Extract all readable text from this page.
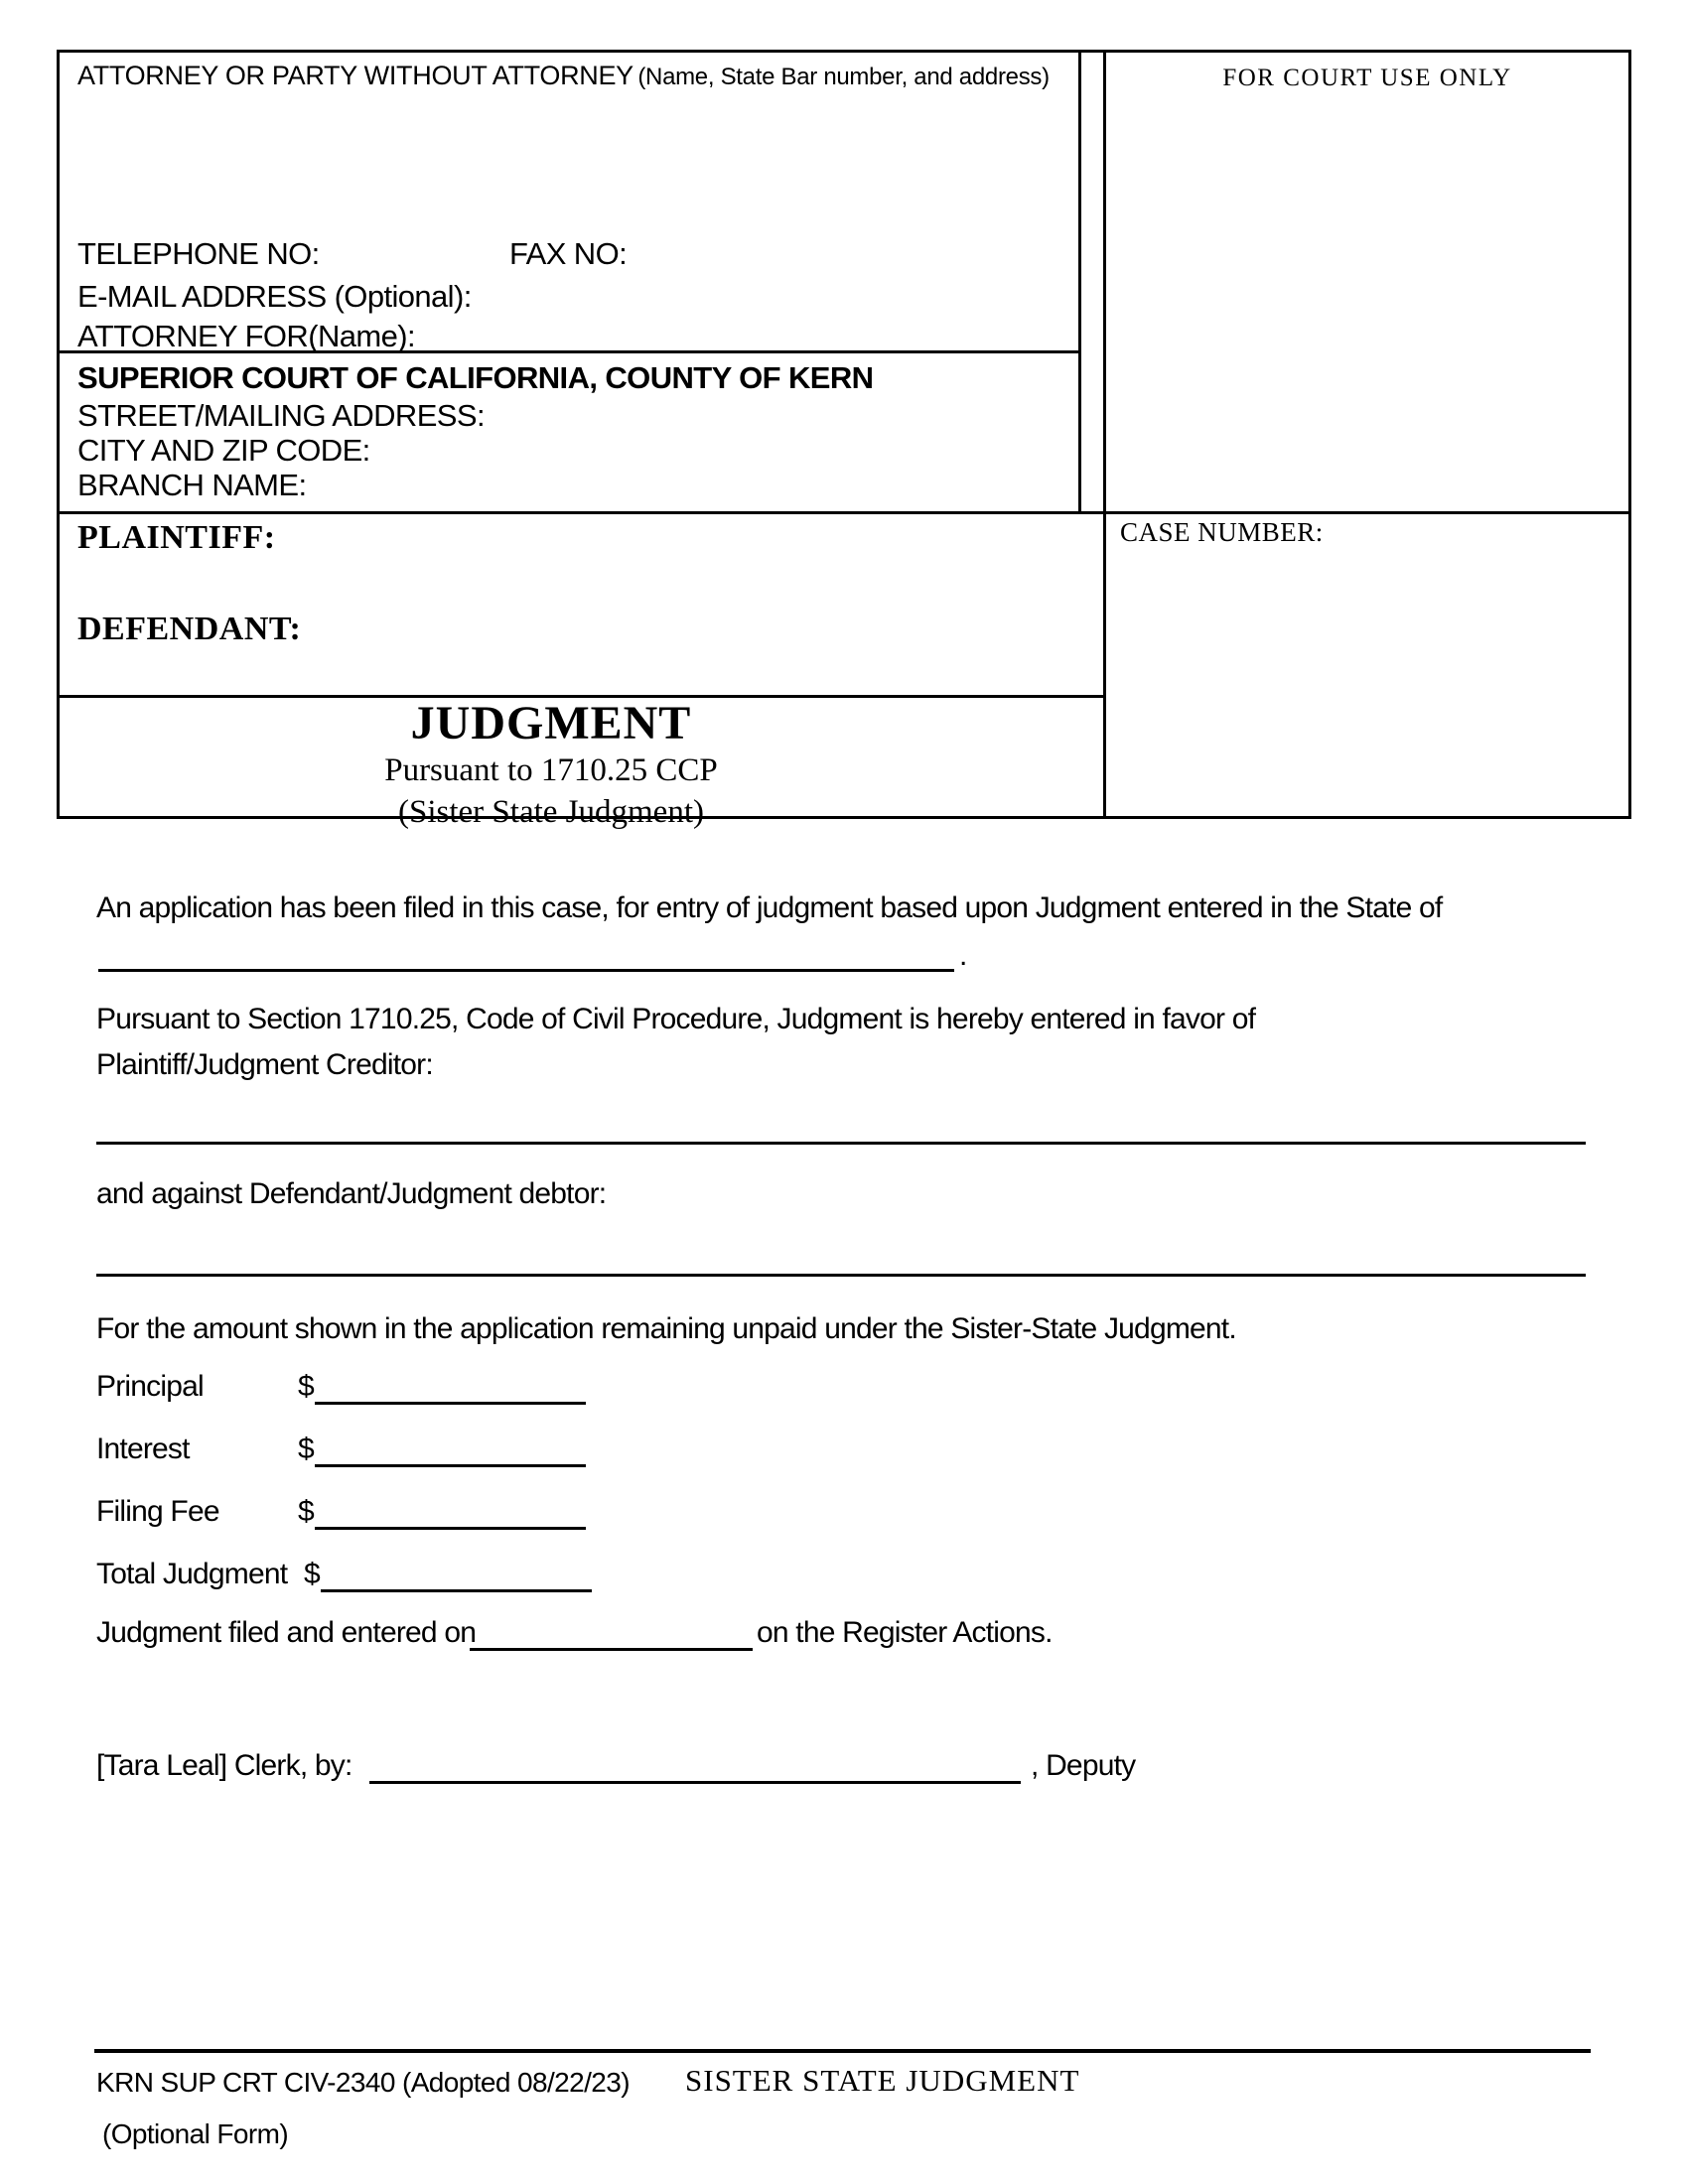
ATTORNEY OR PARTY WITHOUT ATTORNEY (Name, State Bar number, and address)
TELEPHONE NO:	FAX NO:
E-MAIL ADDRESS (Optional):
ATTORNEY FOR(Name):
SUPERIOR COURT OF CALIFORNIA, COUNTY OF KERN
STREET/MAILING ADDRESS:
CITY AND ZIP CODE:
BRANCH NAME:
PLAINTIFF:
DEFENDANT:
JUDGMENT
Pursuant to 1710.25 CCP
(Sister State Judgment)
FOR COURT USE ONLY
CASE NUMBER:
An application has been filed in this case, for entry of judgment based upon Judgment entered in the State of
.
Pursuant to Section 1710.25, Code of Civil Procedure, Judgment is hereby entered in favor of
Plaintiff/Judgment Creditor:
and against Defendant/Judgment debtor:
For the amount shown in the application remaining unpaid under the Sister-State Judgment.
Principal	$
Interest	$
Filing Fee	$
Total Judgment $
Judgment filed and entered on	on the Register Actions.
[Tara Leal] Clerk, by:	, Deputy
KRN SUP CRT CIV-2340 (Adopted 08/22/23) SISTER STATE JUDGMENT
(Optional Form)
